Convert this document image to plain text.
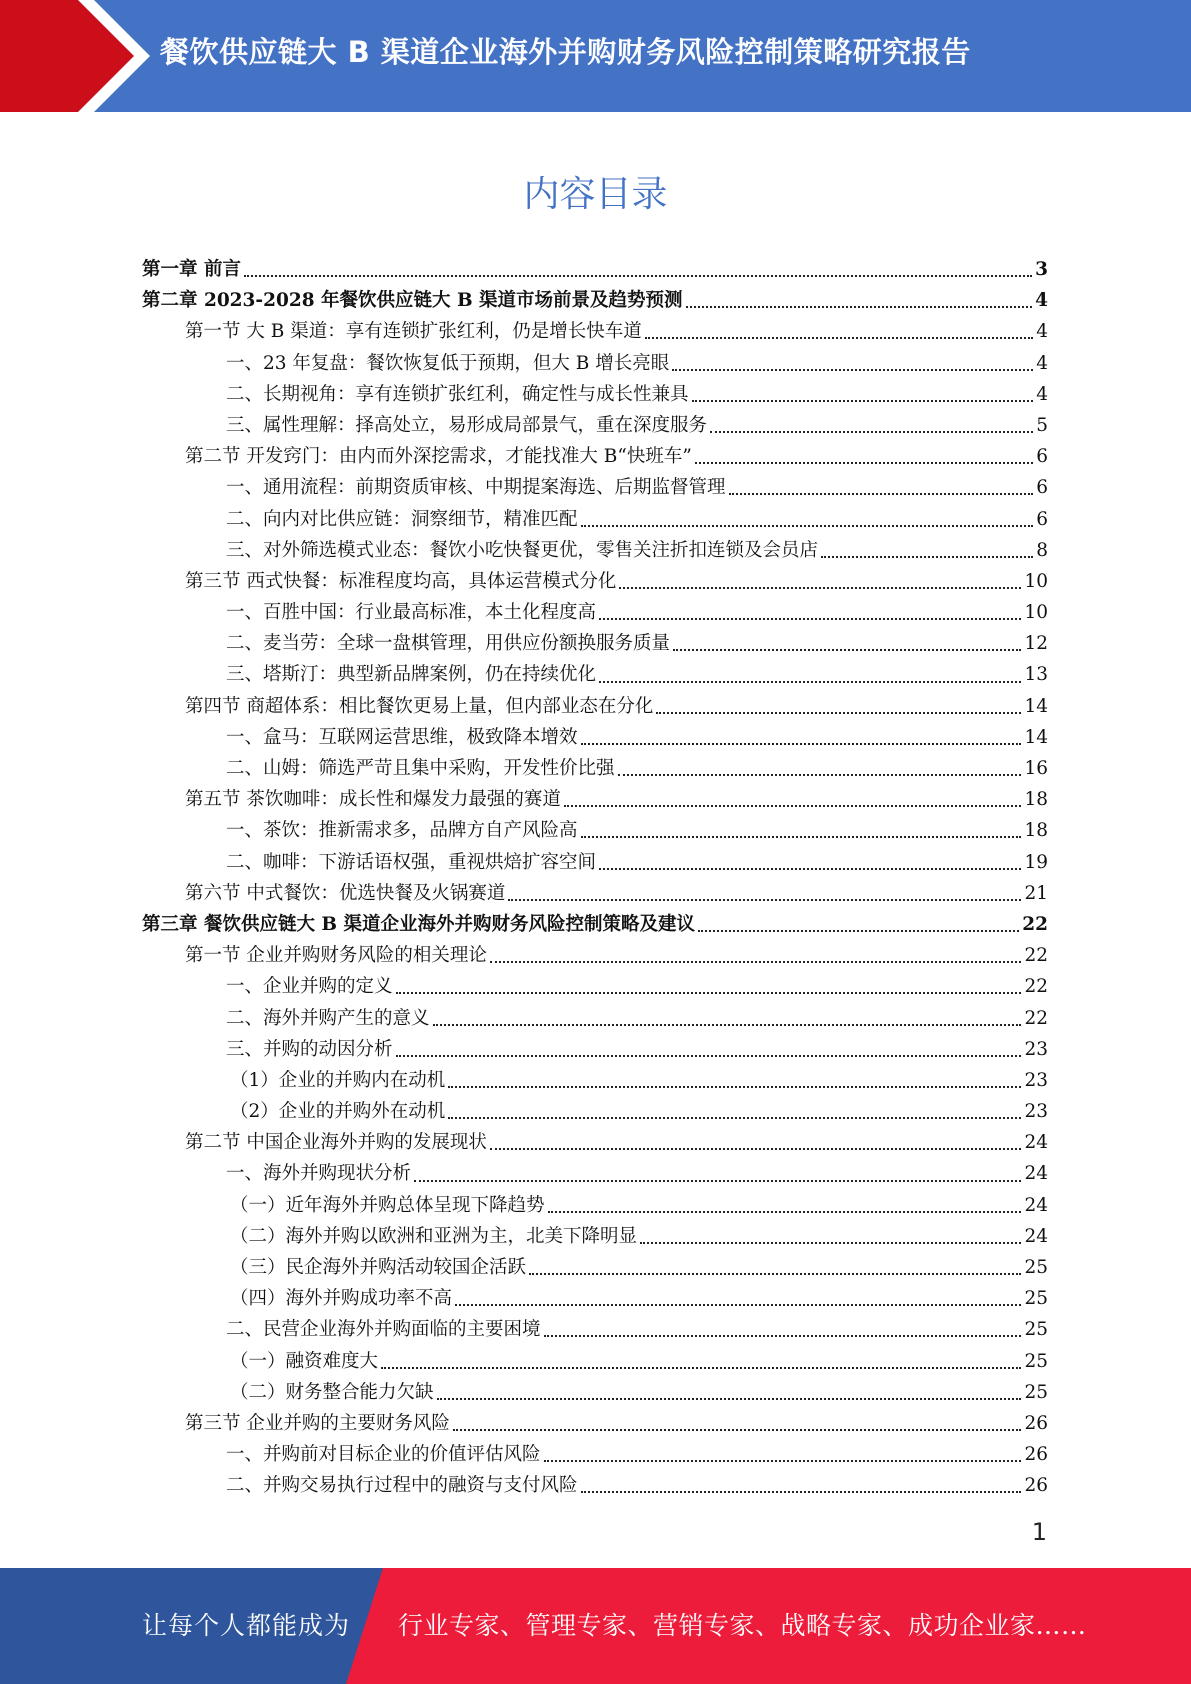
餐饮供应链大 B 渠道企业海外并购财务风险控制策略研究报告
内容目录
第一章 前言	3
第二章 2023-2028 年餐饮供应链大 B 渠道市场前景及趋势预测	4
第一节 大 B 渠道：享有连锁扩张红利，仍是增长快车道	4
一、23 年复盘：餐饮恢复低于预期，但大 B 增长亮眼	4
二、长期视角：享有连锁扩张红利，确定性与成长性兼具	4
三、属性理解：择高处立，易形成局部景气，重在深度服务	5
第二节 开发窍门：由内而外深挖需求，才能找准大 B“快班车”	6
一、通用流程：前期资质审核、中期提案海选、后期监督管理	6
二、向内对比供应链：洞察细节，精准匹配	6
三、对外筛选模式业态：餐饮小吃快餐更优，零售关注折扣连锁及会员店	8
第三节 西式快餐：标准程度均高，具体运营模式分化	10
一、百胜中国：行业最高标准，本土化程度高	10
二、麦当劳：全球一盘棋管理，用供应份额换服务质量	12
三、塔斯汀：典型新品牌案例，仍在持续优化	13
第四节 商超体系：相比餐饮更易上量，但内部业态在分化	14
一、盒马：互联网运营思维，极致降本增效	14
二、山姆：筛选严苛且集中采购，开发性价比强	16
第五节 茶饮咖啡：成长性和爆发力最强的赛道	18
一、茶饮：推新需求多，品牌方自产风险高	18
二、咖啡：下游话语权强，重视烘焙扩容空间	19
第六节 中式餐饮：优选快餐及火锅赛道	21
第三章 餐饮供应链大 B 渠道企业海外并购财务风险控制策略及建议	22
第一节 企业并购财务风险的相关理论	22
一、企业并购的定义	22
二、海外并购产生的意义	22
三、并购的动因分析	23
（1）企业的并购内在动机	23
（2）企业的并购外在动机	23
第二节 中国企业海外并购的发展现状	24
一、海外并购现状分析	24
（一）近年海外并购总体呈现下降趋势	24
（二）海外并购以欧洲和亚洲为主，北美下降明显	24
（三）民企海外并购活动较国企活跃	25
（四）海外并购成功率不高	25
二、民营企业海外并购面临的主要困境	25
（一）融资难度大	25
（二）财务整合能力欠缺	25
第三节 企业并购的主要财务风险	26
一、并购前对目标企业的价值评估风险	26
二、并购交易执行过程中的融资与支付风险	26
1
让每个人都能成为 行业专家、管理专家、营销专家、战略专家、成功企业家……
